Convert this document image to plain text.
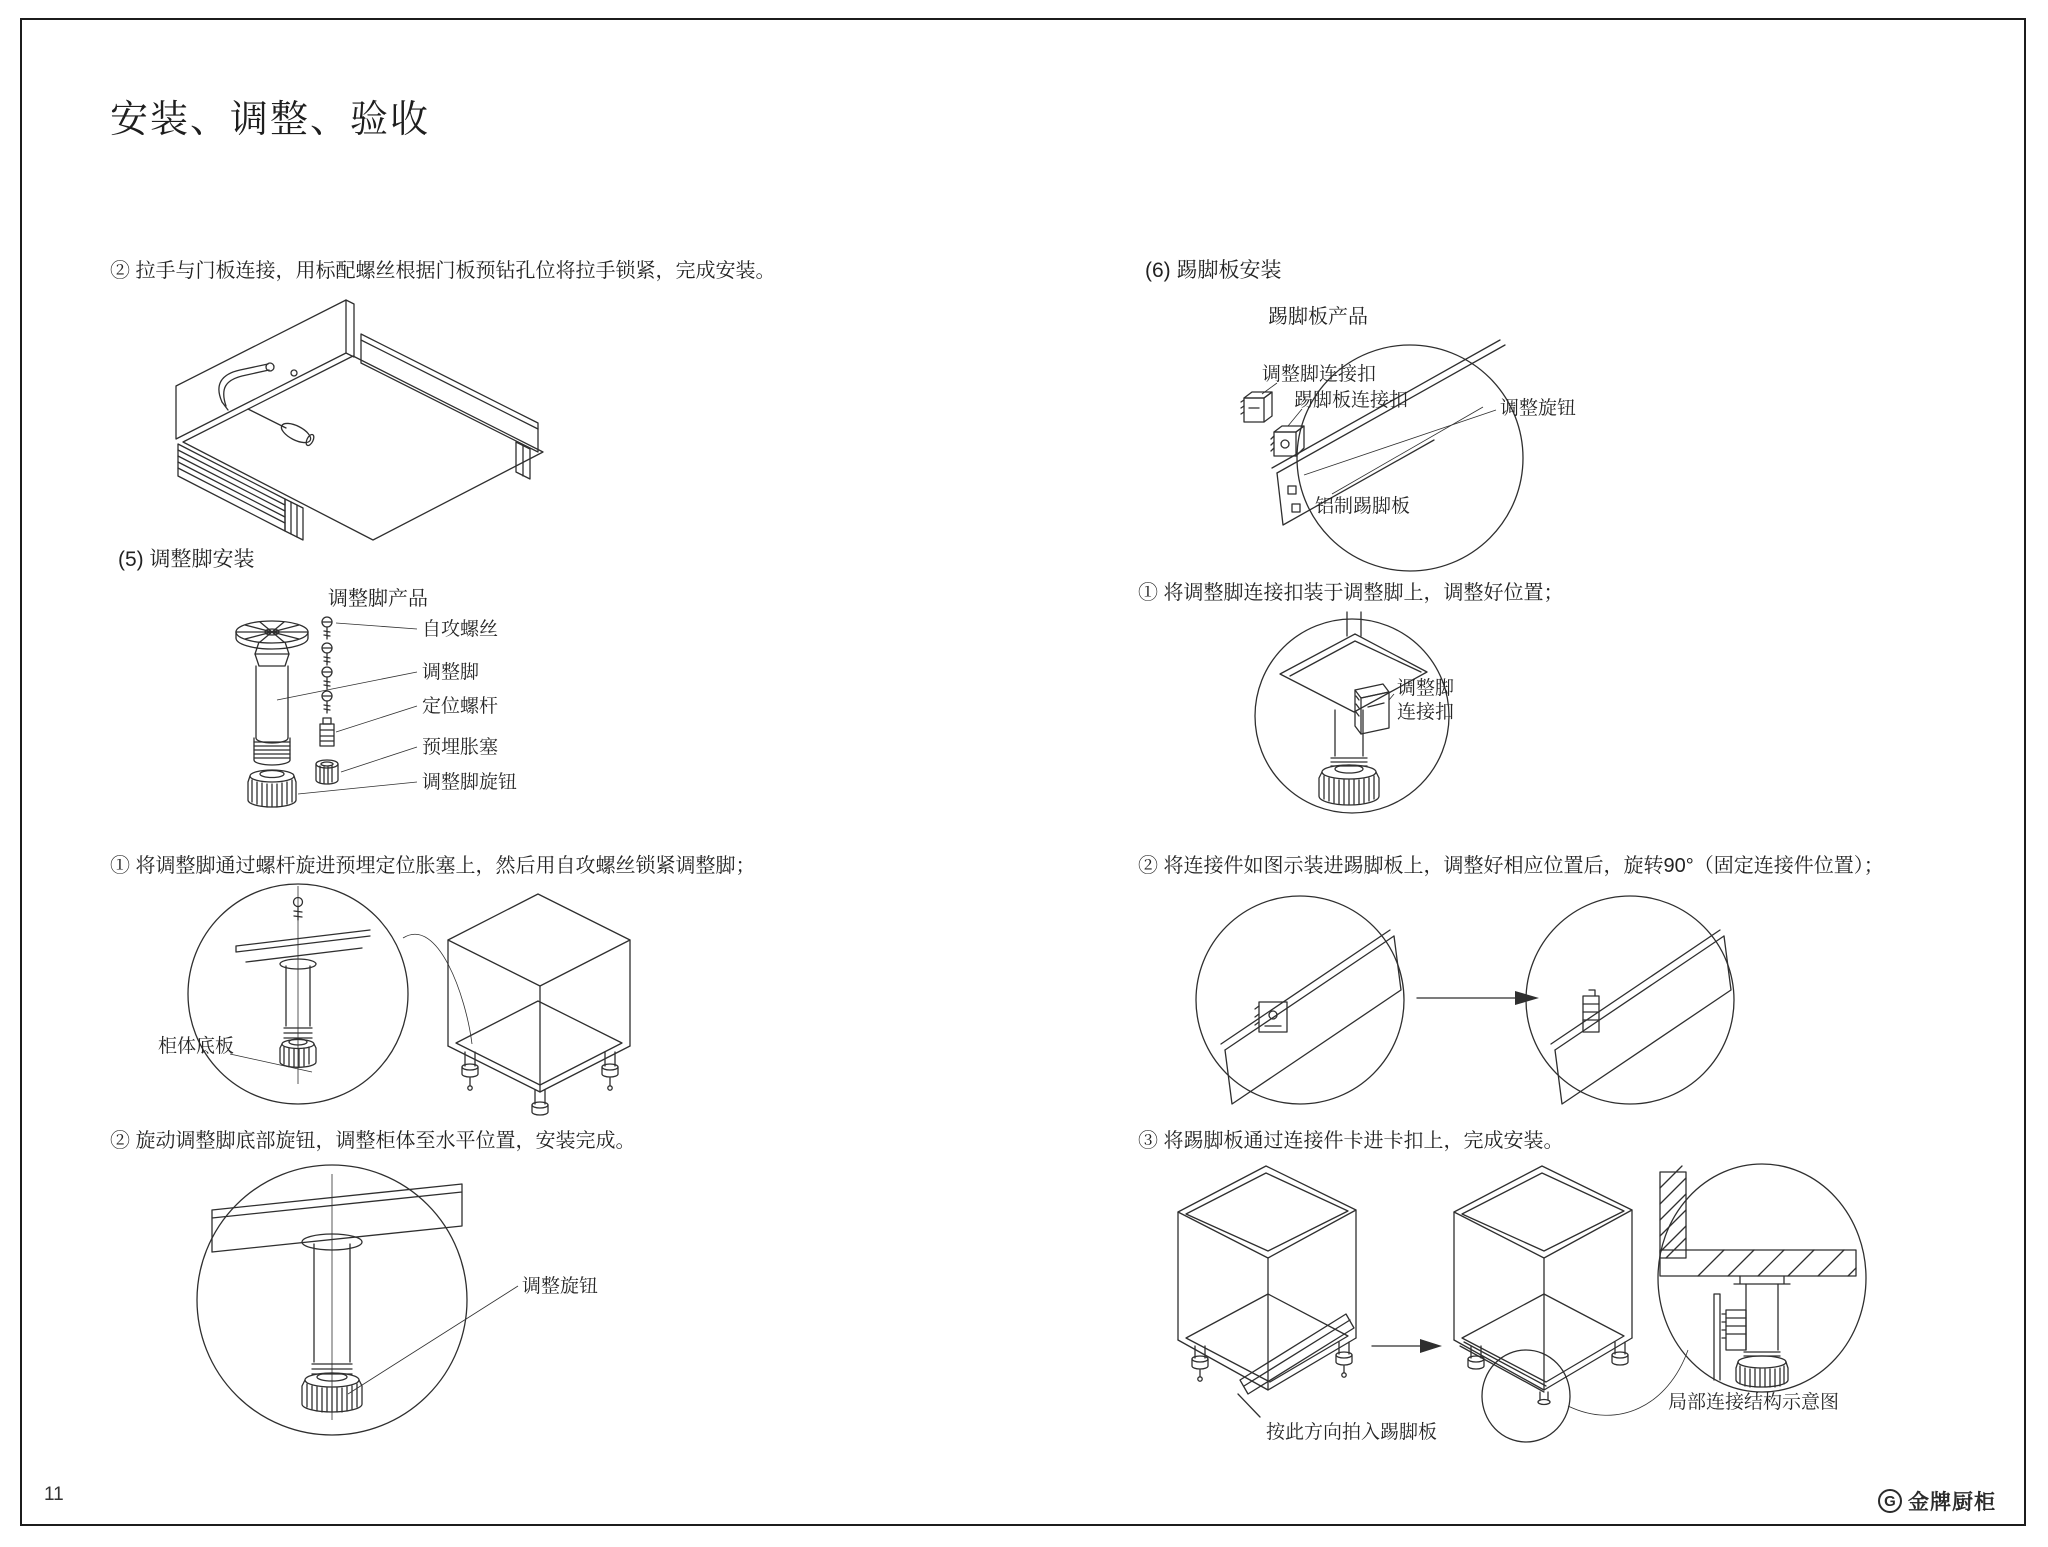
安装、调整、验收
② 拉手与门板连接，用标配螺丝根据门板预钻孔位将拉手锁紧，完成安装。
(5) 调整脚安装
调整脚产品
自攻螺丝
调整脚
定位螺杆
预埋胀塞
调整脚旋钮
① 将调整脚通过螺杆旋进预埋定位胀塞上，然后用自攻螺丝锁紧调整脚；
柜体底板
② 旋动调整脚底部旋钮，调整柜体至水平位置，安装完成。
调整旋钮
(6) 踢脚板安装
踢脚板产品
调整脚连接扣
踢脚板连接扣	调整旋钮
铝制踢脚板
① 将调整脚连接扣装于调整脚上，调整好位置；
调整脚
连接扣
② 将连接件如图示装进踢脚板上，调整好相应位置后，旋转90°（固定连接件位置）；
③ 将踢脚板通过连接件卡进卡扣上，完成安装。
按此方向拍入踢脚板
局部连接结构示意图
11	G 金牌厨柜
